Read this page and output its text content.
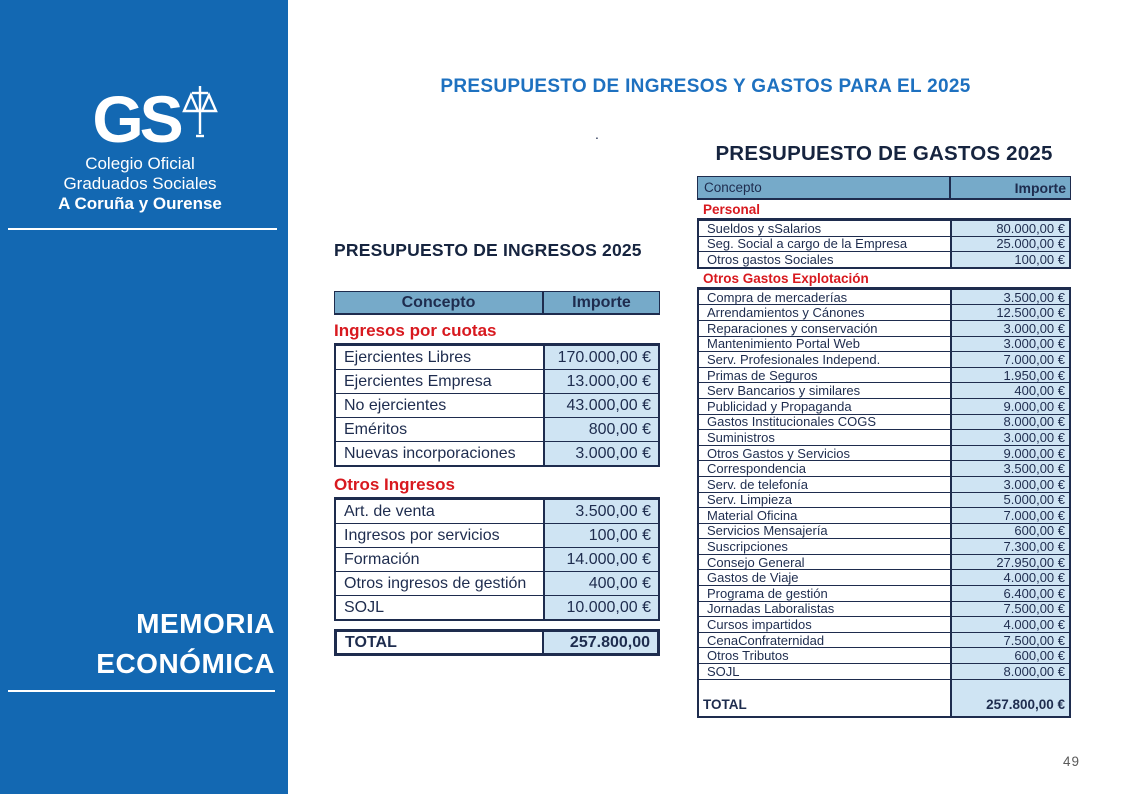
GS
Colegio Oficial
Graduados Sociales
A Coruña y Ourense
MEMORIA
ECONÓMICA
PRESUPUESTO DE INGRESOS Y GASTOS PARA EL 2025
.
PRESUPUESTO DE INGRESOS 2025
Concepto	Importe
Ingresos por cuotas
Ejercientes Libres	170.000,00 €
Ejercientes Empresa	13.000,00 €
No ejercientes	43.000,00 €
Eméritos	800,00 €
Nuevas incorporaciones	3.000,00 €
Otros Ingresos
Art. de venta	3.500,00 €
Ingresos por servicios	100,00 €
Formación	14.000,00 €
Otros ingresos de gestión	400,00 €
SOJL	10.000,00 €
TOTAL	257.800,00
PRESUPUESTO DE GASTOS 2025
Concepto	Importe
Personal
Sueldos y sSalarios	80.000,00 €
Seg. Social a cargo de la Empresa	25.000,00 €
Otros gastos Sociales	100,00 €
Otros Gastos Explotación
Compra de mercaderías	3.500,00 €
Arrendamientos y Cánones	12.500,00 €
Reparaciones y conservación	3.000,00 €
Mantenimiento Portal Web	3.000,00 €
Serv. Profesionales Independ.	7.000,00 €
Primas de Seguros	1.950,00 €
Serv Bancarios y similares	400,00 €
Publicidad y Propaganda	9.000,00 €
Gastos Institucionales COGS	8.000,00 €
Suministros	3.000,00 €
Otros Gastos y Servicios	9.000,00 €
Correspondencia	3.500,00 €
Serv. de telefonía	3.000,00 €
Serv. Limpieza	5.000,00 €
Material Oficina	7.000,00 €
Servicios Mensajería	600,00 €
Suscripciones	7.300,00 €
Consejo General	27.950,00 €
Gastos de Viaje	4.000,00 €
Programa de gestión	6.400,00 €
Jornadas Laboralistas	7.500,00 €
Cursos impartidos	4.000,00 €
CenaConfraternidad	7.500,00 €
Otros Tributos	600,00 €
SOJL	8.000,00 €
TOTAL	257.800,00 €
49
